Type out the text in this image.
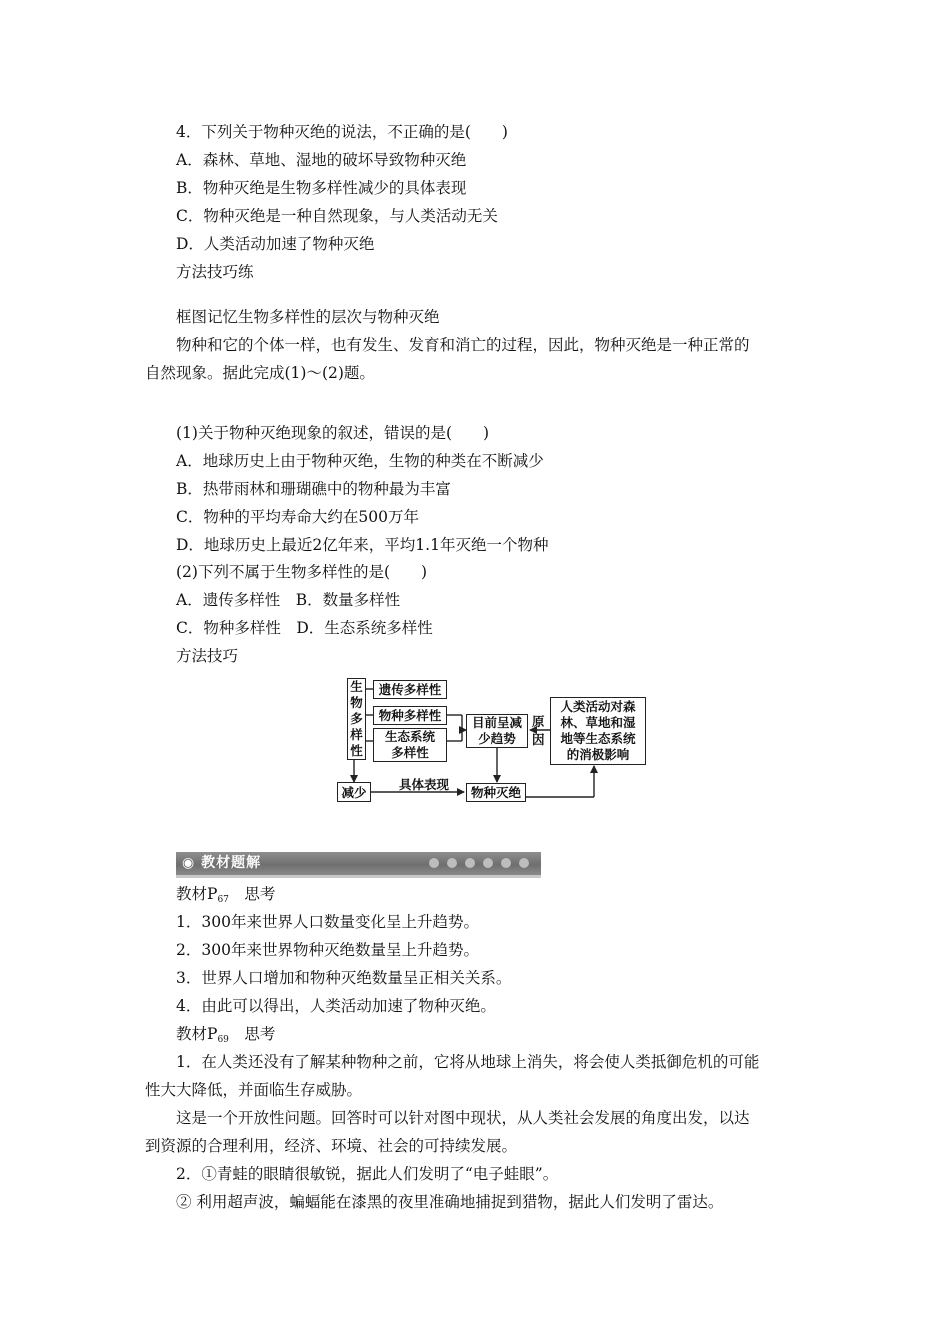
4．下列关于物种灭绝的说法，不正确的是(　　)
A．森林、草地、湿地的破坏导致物种灭绝
B．物种灭绝是生物多样性减少的具体表现
C．物种灭绝是一种自然现象，与人类活动无关
D．人类活动加速了物种灭绝
方法技巧练
框图记忆生物多样性的层次与物种灭绝
物种和它的个体一样，也有发生、发育和消亡的过程，因此，物种灭绝是一种正常的
自然现象。据此完成(1)～(2)题。
(1)关于物种灭绝现象的叙述，错误的是(　　)
A．地球历史上由于物种灭绝，生物的种类在不断减少
B．热带雨林和珊瑚礁中的物种最为丰富
C．物种的平均寿命大约在500万年
D．地球历史上最近2亿年来，平均1.1年灭绝一个物种
(2)下列不属于生物多样性的是(　　)
A．遗传多样性　B．数量多样性
C．物种多样性　D．生态系统多样性
方法技巧
生
物
多
样
性
遗传多样性
物种多样性
生态系统
多样性
目前呈减
少趋势
原
因
人类活动对森
林、草地和湿
地等生态系统
的消极影响
减少	具体表现
物种灭绝
◉ 教材题解
教材$P_{67}$　思考
1．300年来世界人口数量变化呈上升趋势。
2．300年来世界物种灭绝数量呈上升趋势。
3．世界人口增加和物种灭绝数量呈正相关关系。
4．由此可以得出，人类活动加速了物种灭绝。
教材$P_{69}$　思考
1．在人类还没有了解某种物种之前，它将从地球上消失，将会使人类抵御危机的可能
性大大降低，并面临生存威胁。
这是一个开放性问题。回答时可以针对图中现状，从人类社会发展的角度出发，以达
到资源的合理利用，经济、环境、社会的可持续发展。
2．①青蛙的眼睛很敏锐，据此人们发明了“电子蛙眼”。
② 利用超声波，蝙蝠能在漆黑的夜里准确地捕捉到猎物，据此人们发明了雷达。
